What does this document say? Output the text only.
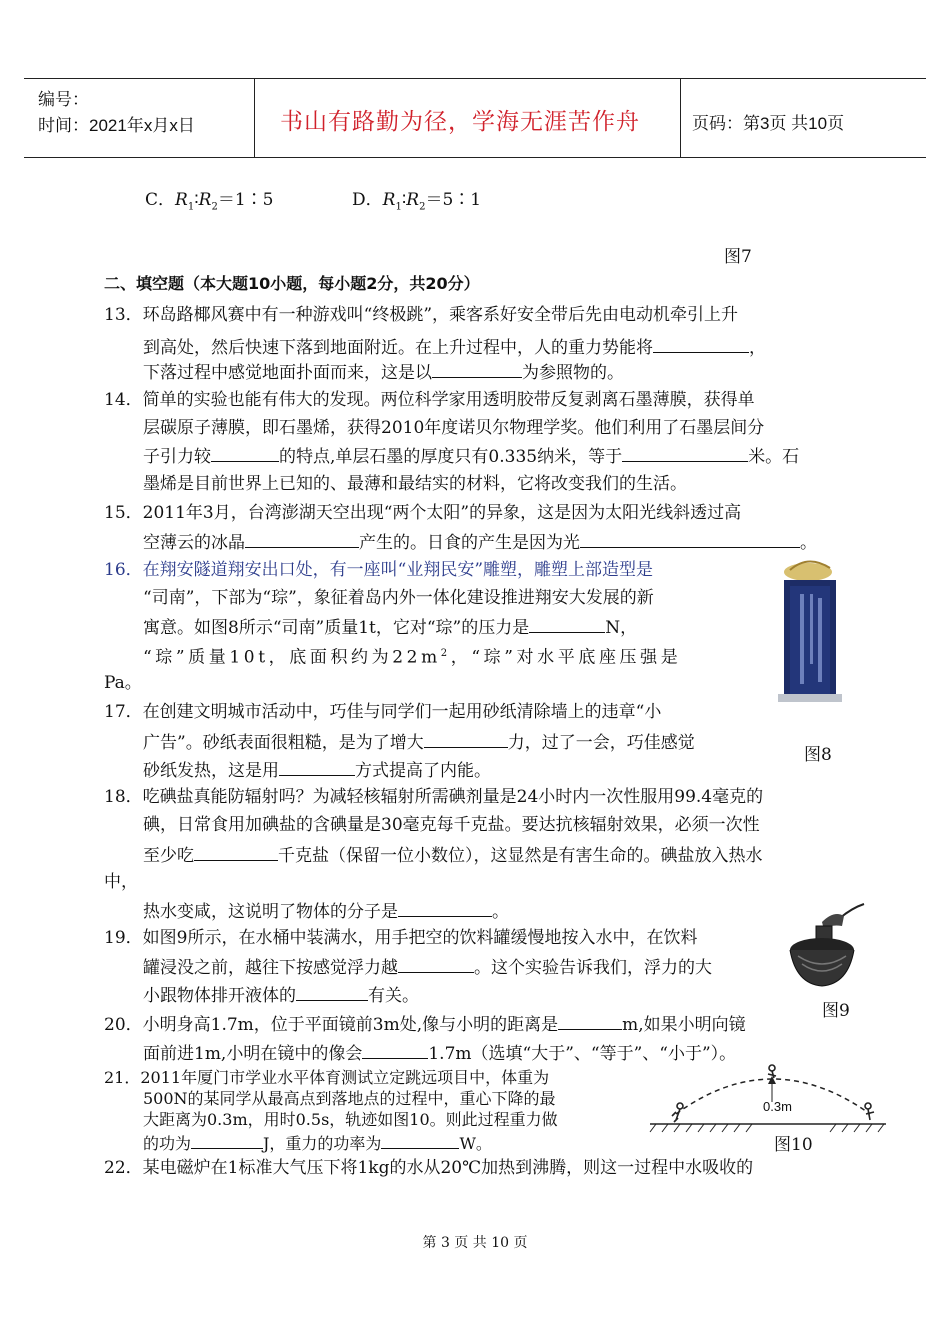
编号：
时间：2021年x月x日	书山有路勤为径，学海无涯苦作舟	页码：第3页 共10页
C．$R_1∶R_2=1∶5$	D．$R_1∶R_2=5∶1$
图7
二、填空题（本大题10小题，每小题2分，共20分）
13．环岛路椰风赛中有一种游戏叫“终极跳”，乘客系好安全带后先由电动机牵引上升
到高处，然后快速下落到地面附近。在上升过程中，人的重力势能将	，
下落过程中感觉地面扑面而来，这是以	为参照物的。
14．简单的实验也能有伟大的发现。两位科学家用透明胶带反复剥离石墨薄膜，获得单
层碳原子薄膜，即石墨烯，获得2010年度诺贝尔物理学奖。他们利用了石墨层间分
子引力较	的特点,单层石墨的厚度只有0.335纳米，等于	米。石
墨烯是目前世界上已知的、最薄和最结实的材料，它将改变我们的生活。
15．2011年3月，台湾澎湖天空出现“两个太阳”的异象，这是因为太阳光线斜透过高
空薄云的冰晶	产生的。日食的产生是因为光	。
16．在翔安隧道翔安出口处，有一座叫“业翔民安”雕塑，雕塑上部造型是
“司南”，下部为“琮”，象征着岛内外一体化建设推进翔安大发展的新
寓意。如图8所示“司南”质量1t，它对“琮”的压力是	N，
“琮”质量10t，底面积约为$22m^2$，“琮”对水平底座压强是
Pa。
图8
17．在创建文明城市活动中，巧佳与同学们一起用砂纸清除墙上的违章“小
广告”。砂纸表面很粗糙，是为了增大	力，过了一会，巧佳感觉
砂纸发热，这是用	方式提高了内能。
18．吃碘盐真能防辐射吗？为减轻核辐射所需碘剂量是24小时内一次性服用99.4毫克的
碘，日常食用加碘盐的含碘量是30毫克每千克盐。要达抗核辐射效果，必须一次性
至少吃	千克盐（保留一位小数位），这显然是有害生命的。碘盐放入热水
中，
热水变咸，这说明了物体的分子是	。
图9
19．如图9所示，在水桶中装满水，用手把空的饮料罐缓慢地按入水中，在饮料
罐浸没之前，越往下按感觉浮力越	。这个实验告诉我们，浮力的大
小跟物体排开液体的	有关。
20．小明身高1.7m，位于平面镜前3m处,像与小明的距离是	m,如果小明向镜
面前进1m,小明在镜中的像会	1.7m（选填“大于”、“等于”、“小于”）。
21．2011年厦门市学业水平体育测试立定跳远项目中，体重为
500N的某同学从最高点到落地点的过程中，重心下降的最
大距离为0.3m，用时0.5s，轨迹如图10。则此过程重力做
的功为	J，重力的功率为	W。
0.3m
图10
22．某电磁炉在1标准大气压下将1kg的水从20℃加热到沸腾，则这一过程中水吸收的
第 3 页 共 10 页
